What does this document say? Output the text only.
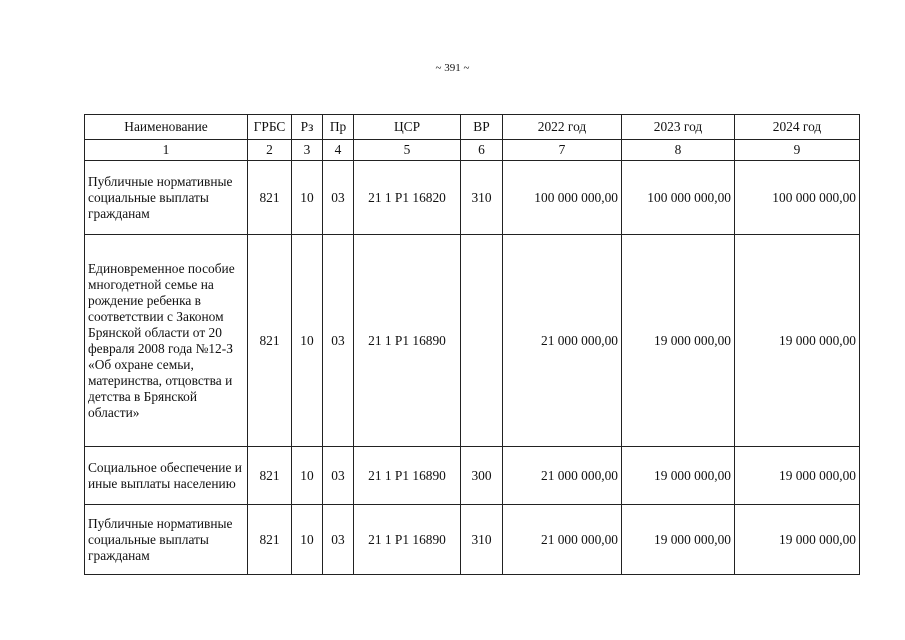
~ 391 ~
Наименование	ГРБС	Рз	Пр	ЦСР	ВР	2022 год	2023 год	2024 год
1	2	3	4	5	6	7	8	9
Публичные нормативные социальные выплаты гражданам	821	10	03	21 1 Р1 16820	310	100 000 000,00	100 000 000,00	100 000 000,00
Единовременное пособие многодетной семье на рождение ребенка в соответствии с Законом Брянской области от 20 февраля 2008 года №12-З «Об охране семьи, материнства, отцовства и детства в Брянской области»	821	10	03	21 1 Р1 16890		21 000 000,00	19 000 000,00	19 000 000,00
Социальное обеспечение и иные выплаты населению	821	10	03	21 1 Р1 16890	300	21 000 000,00	19 000 000,00	19 000 000,00
Публичные нормативные социальные выплаты гражданам	821	10	03	21 1 Р1 16890	310	21 000 000,00	19 000 000,00	19 000 000,00
